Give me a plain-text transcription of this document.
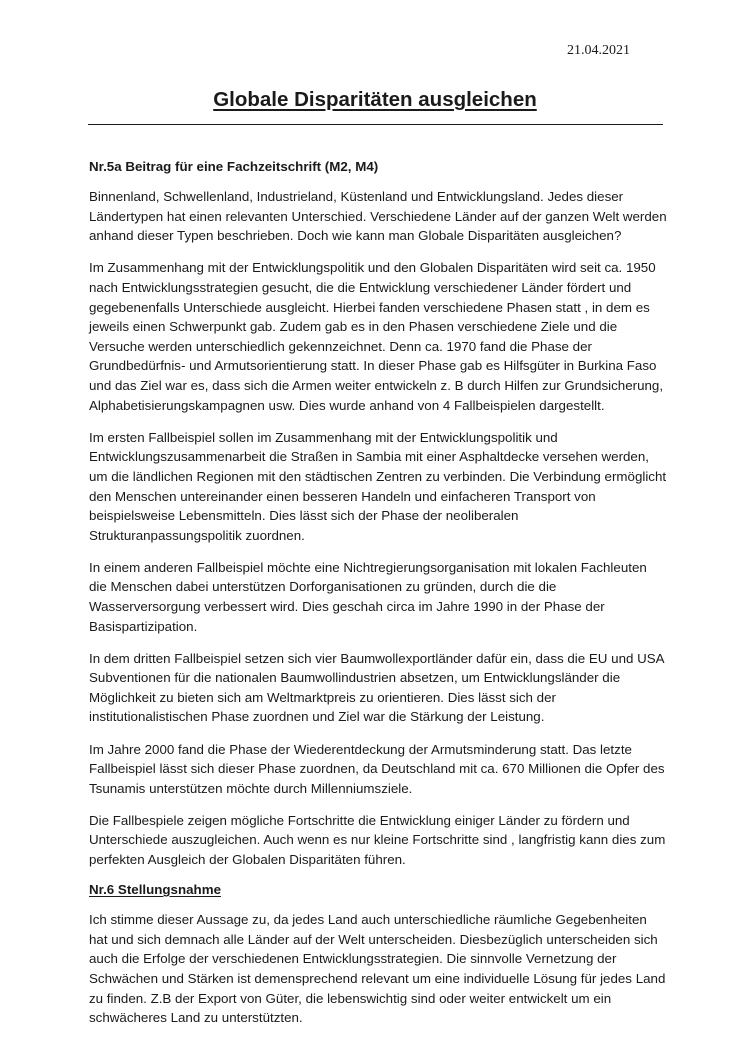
21.04.2021
Globale Disparitäten ausgleichen
Nr.5a Beitrag für eine Fachzeitschrift (M2, M4)

Binnenland, Schwellenland, Industrieland, Küstenland und Entwicklungsland. Jedes dieser Ländertypen hat einen relevanten Unterschied. Verschiedene Länder auf der ganzen Welt werden anhand dieser Typen beschrieben. Doch wie kann man Globale Disparitäten ausgleichen?

Im Zusammenhang mit der Entwicklungspolitik und den Globalen Disparitäten wird seit ca. 1950 nach Entwicklungsstrategien gesucht, die die Entwicklung verschiedener Länder fördert und gegebenenfalls Unterschiede ausgleicht. Hierbei fanden verschiedene Phasen statt , in dem es jeweils einen Schwerpunkt gab. Zudem gab es in den Phasen verschiedene Ziele und die Versuche werden unterschiedlich gekennzeichnet. Denn ca. 1970 fand die Phase der Grundbedürfnis- und Armutsorientierung statt. In dieser Phase gab es Hilfsgüter in Burkina Faso und das Ziel war es, dass sich die Armen weiter entwickeln z. B durch Hilfen zur Grundsicherung, Alphabetisierungskampagnen usw. Dies wurde anhand von 4 Fallbeispielen dargestellt.

Im ersten Fallbeispiel sollen im Zusammenhang mit der Entwicklungspolitik und Entwicklungszusammenarbeit die Straßen in Sambia mit einer Asphaltdecke versehen werden, um die ländlichen Regionen mit den städtischen Zentren zu verbinden. Die Verbindung ermöglicht den Menschen untereinander einen besseren Handeln und einfacheren Transport von beispielsweise Lebensmitteln. Dies lässt sich der Phase der neoliberalen Strukturanpassungspolitik zuordnen.

In einem anderen Fallbeispiel möchte eine Nichtregierungsorganisation mit lokalen Fachleuten die Menschen dabei unterstützen Dorforganisationen zu gründen, durch die die Wasserversorgung verbessert wird. Dies geschah circa im Jahre 1990 in der Phase der Basispartizipation.

In dem dritten Fallbeispiel setzen sich vier Baumwollexportländer dafür ein, dass die EU und USA Subventionen für die nationalen Baumwollindustrien absetzen, um Entwicklungsländer die Möglichkeit zu bieten sich am Weltmarktpreis zu orientieren. Dies lässt sich der institutionalistischen Phase zuordnen und Ziel war die Stärkung der Leistung.

Im Jahre 2000 fand die Phase der Wiederentdeckung der Armutsminderung statt. Das letzte Fallbeispiel lässt sich dieser Phase zuordnen, da Deutschland mit ca. 670 Millionen die Opfer des Tsunamis unterstützen möchte durch Millenniumsziele.

Die Fallbespiele zeigen mögliche Fortschritte die Entwicklung einiger Länder zu fördern und Unterschiede auszugleichen. Auch wenn es nur kleine Fortschritte sind , langfristig kann dies zum perfekten Ausgleich der Globalen Disparitäten führen.

Nr.6 Stellungsnahme

Ich stimme dieser Aussage zu, da jedes Land auch unterschiedliche räumliche Gegebenheiten hat und sich demnach alle Länder auf der Welt unterscheiden. Diesbezüglich unterscheiden sich auch die Erfolge der verschiedenen Entwicklungsstrategien. Die sinnvolle Vernetzung der Schwächen und Stärken ist demensprechend relevant um eine individuelle Lösung für jedes Land zu finden. Z.B der Export von Güter, die lebenswichtig sind oder weiter entwickelt um ein schwächeres Land zu unterstützten.
